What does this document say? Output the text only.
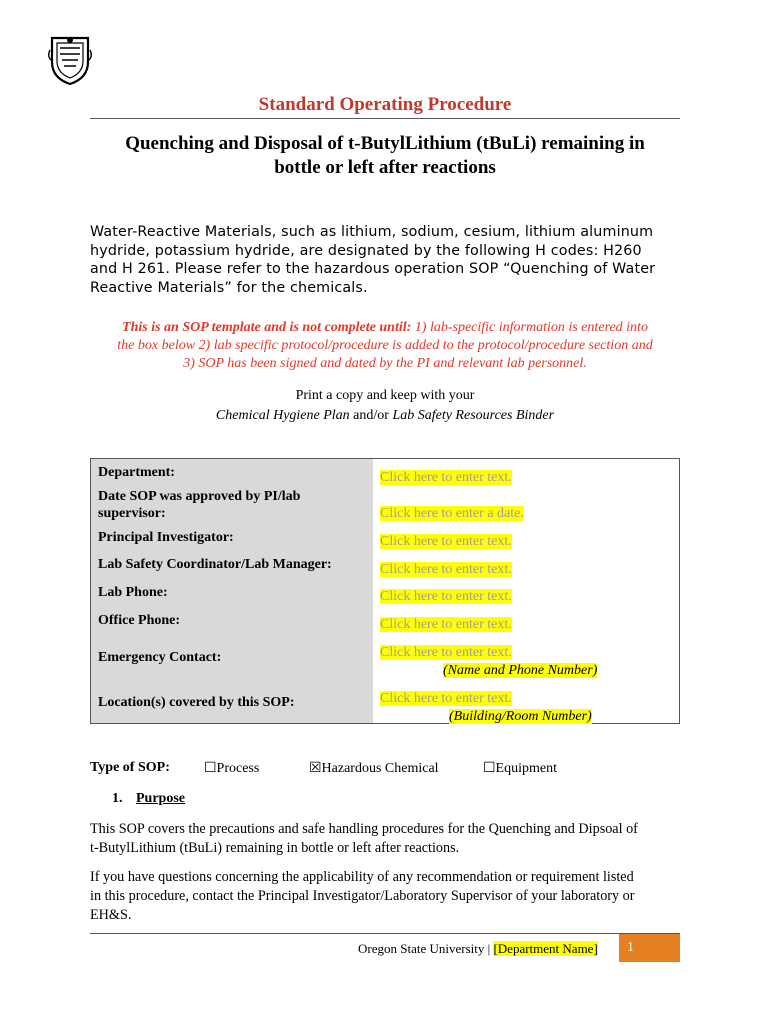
Standard Operating Procedure
Quenching and Disposal of t-ButylLithium (tBuLi) remaining in
bottle or left after reactions
Water-Reactive Materials, such as lithium, sodium, cesium, lithium aluminum
hydride, potassium hydride, are designated by the following H codes: H260
and H 261. Please refer to the hazardous operation SOP “Quenching of Water
Reactive Materials” for the chemicals.
This is an SOP template and is not complete until: 1) lab-specific information is entered into
the box below 2) lab specific protocol/procedure is added to the protocol/procedure section and
3) SOP has been signed and dated by the PI and relevant lab personnel.
Print a copy and keep with your
Chemical Hygiene Plan and/or Lab Safety Resources Binder
Department:	Click here to enter text.
Date SOP was approved by PI/lab
supervisor:	Click here to enter a date.
Principal Investigator:	Click here to enter text.
Lab Safety Coordinator/Lab Manager:	Click here to enter text.
Lab Phone:	Click here to enter text.
Office Phone:	Click here to enter text.
Emergency Contact:	Click here to enter text.
(Name and Phone Number)
Location(s) covered by this SOP:	Click here to enter text.
(Building/Room Number)
Type of SOP: ☐Process	☒Hazardous Chemical	☐Equipment
1. Purpose
This SOP covers the precautions and safe handling procedures for the Quenching and Dipsoal of
t-ButylLithium (tBuLi) remaining in bottle or left after reactions.
If you have questions concerning the applicability of any recommendation or requirement listed
in this procedure, contact the Principal Investigator/Laboratory Supervisor of your laboratory or
EH&S.
Oregon State University | [Department Name] 1
